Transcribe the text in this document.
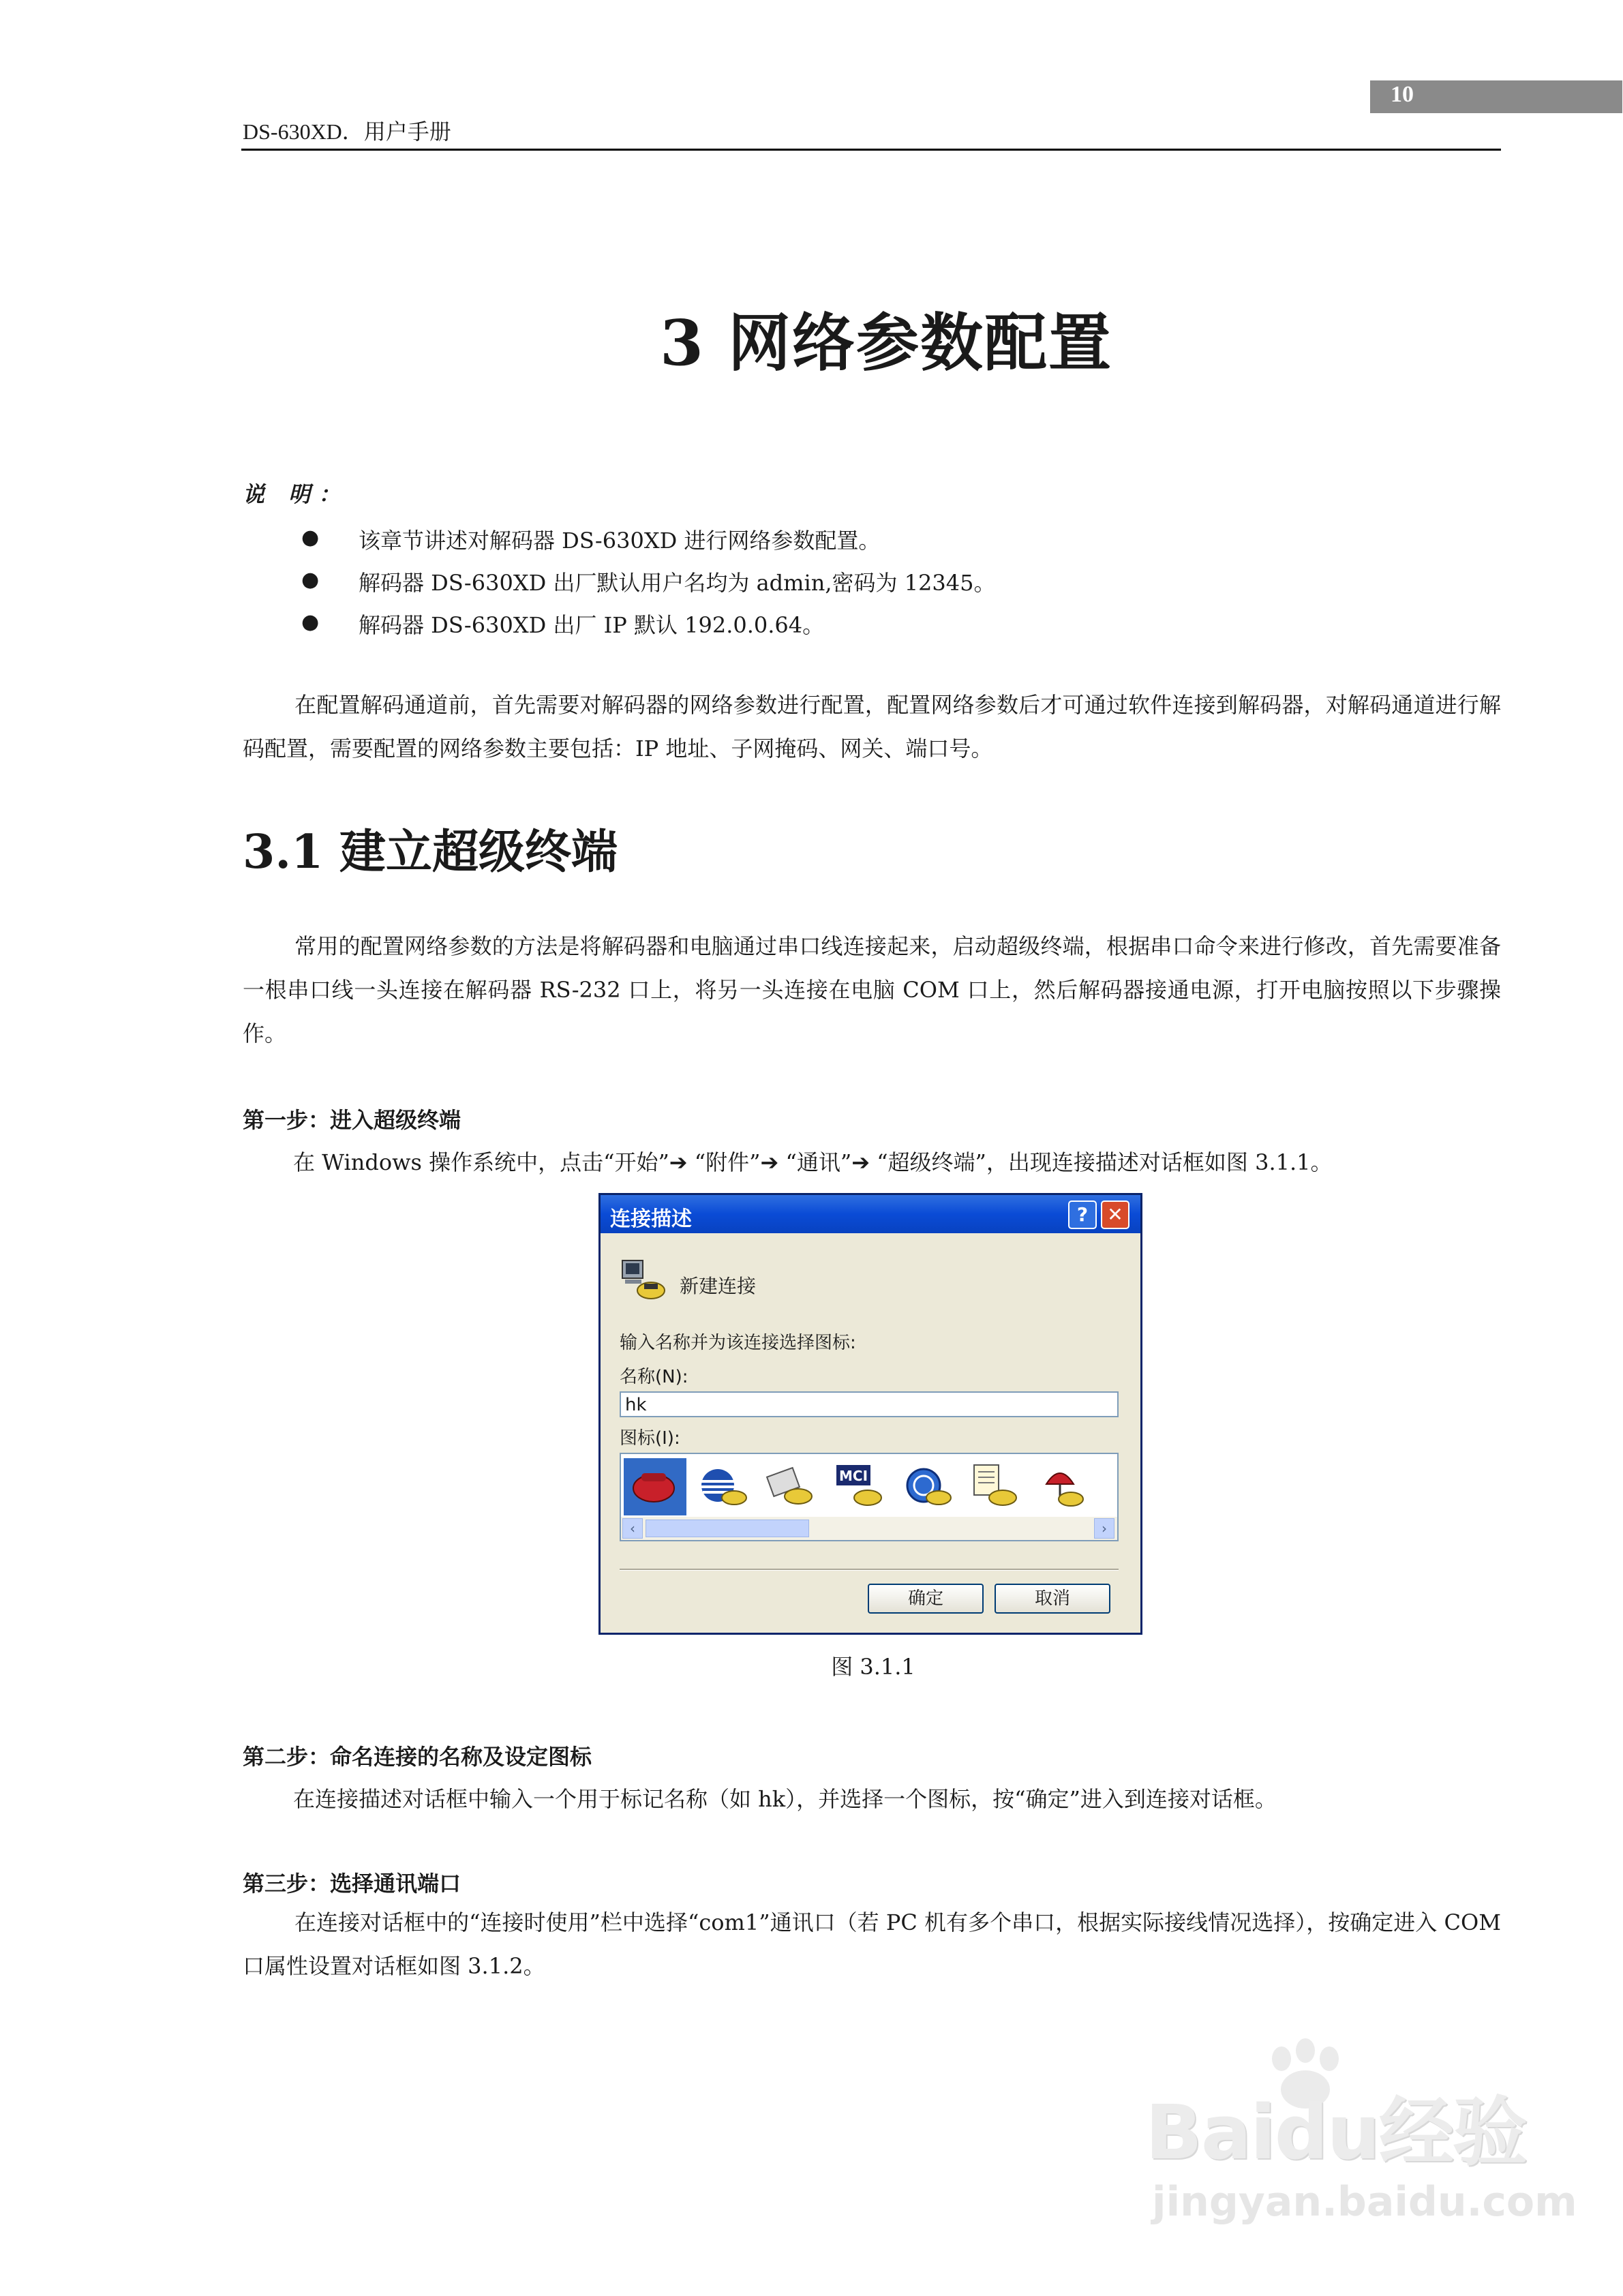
10
DS-630XD．用户手册
3 网络参数配置
说 明：
● 该章节讲述对解码器 DS-630XD 进行网络参数配置。
● 解码器 DS-630XD 出厂默认用户名均为 admin,密码为 12345。
● 解码器 DS-630XD 出厂 IP 默认 192.0.0.64。
在配置解码通道前，首先需要对解码器的网络参数进行配置，配置网络参数后才可通过软件连接到解码器，对解码通道进行解码配置，需要配置的网络参数主要包括：IP 地址、子网掩码、网关、端口号。
3.1 建立超级终端
常用的配置网络参数的方法是将解码器和电脑通过串口线连接起来，启动超级终端，根据串口命令来进行修改，首先需要准备一根串口线一头连接在解码器 RS-232 口上，将另一头连接在电脑 COM 口上，然后解码器接通电源，打开电脑按照以下步骤操作。
第一步：进入超级终端
在 Windows 操作系统中，点击“开始”➔ “附件”➔ “通讯”➔ “超级终端”，出现连接描述对话框如图 3.1.1。
连接描述	?	✕
新建连接
输入名称并为该连接选择图标:
名称(N):
hk
图标(I):
MCI
‹	›
确定	取消
图 3.1.1
第二步：命名连接的名称及设定图标
在连接描述对话框中输入一个用于标记名称（如 hk），并选择一个图标，按“确定”进入到连接对话框。
第三步：选择通讯端口
在连接对话框中的“连接时使用”栏中选择“com1”通讯口（若 PC 机有多个串口，根据实际接线情况选择），按确定进入 COM 口属性设置对话框如图 3.1.2。
Baidu经验
jingyan.baidu.com
